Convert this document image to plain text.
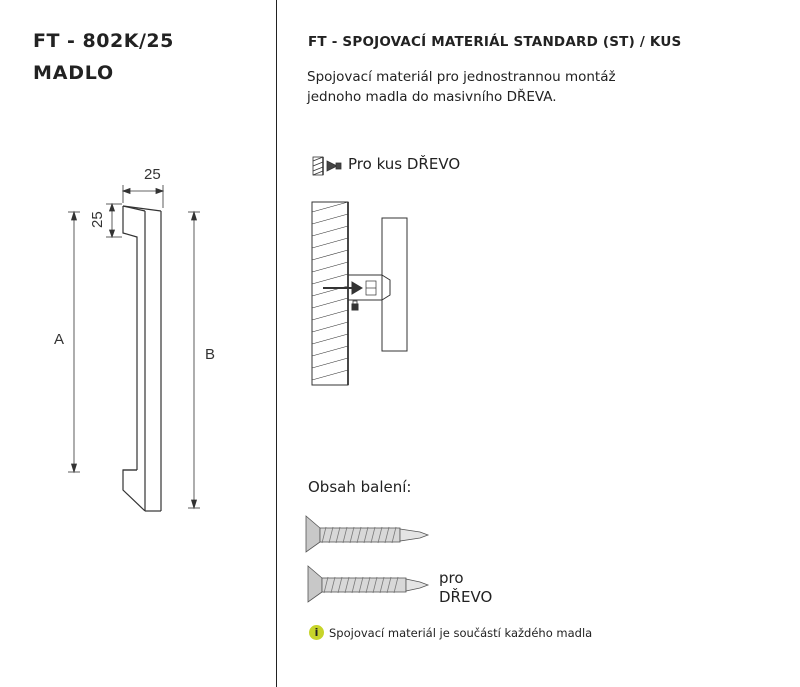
FT - 802K/25
MADLO
25
25
A
B
FT - SPOJOVACÍ MATERIÁL STANDARD (ST) / KUS
Spojovací materiál pro jednostrannou montáž
jednoho madla do masivního DŘEVA.
Pro kus DŘEVO
Obsah balení:
pro
DŘEVO
i Spojovací materiál je součástí každého madla
